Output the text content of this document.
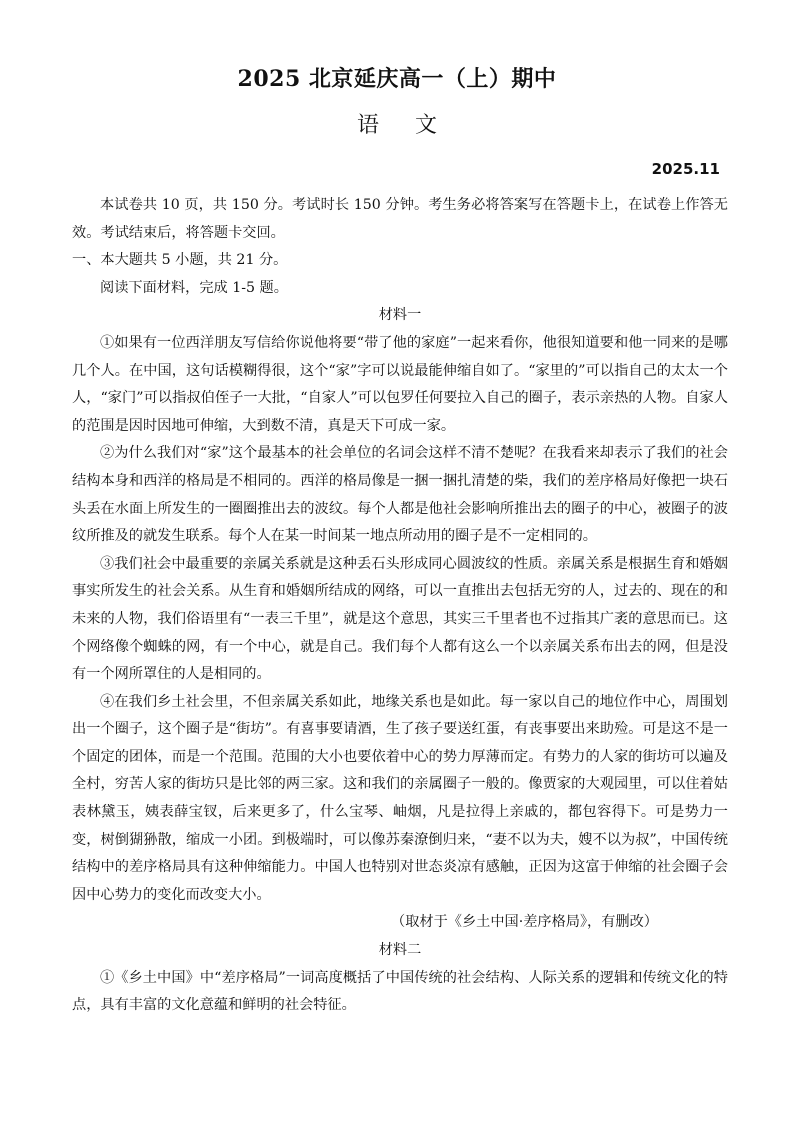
2025 北京延庆高一（上）期中
语 文
2025.11

本试卷共 10 页，共 150 分。考试时长 150 分钟。考生务必将答案写在答题卡上，在试卷上作答无效。考试结束后，将答题卡交回。

一、本大题共 5 小题，共 21 分。

阅读下面材料，完成 1-5 题。

材料一

①如果有一位西洋朋友写信给你说他将要“带了他的家庭”一起来看你，他很知道要和他一同来的是哪几个人。在中国，这句话模糊得很，这个“家”字可以说最能伸缩自如了。“家里的”可以指自己的太太一个人，“家门”可以指叔伯侄子一大批，“自家人”可以包罗任何要拉入自己的圈子，表示亲热的人物。自家人的范围是因时因地可伸缩，大到数不清，真是天下可成一家。

②为什么我们对“家”这个最基本的社会单位的名词会这样不清不楚呢？在我看来却表示了我们的社会结构本身和西洋的格局是不相同的。西洋的格局像是一捆一捆扎清楚的柴，我们的差序格局好像把一块石头丢在水面上所发生的一圈圈推出去的波纹。每个人都是他社会影响所推出去的圈子的中心，被圈子的波纹所推及的就发生联系。每个人在某一时间某一地点所动用的圈子是不一定相同的。

③我们社会中最重要的亲属关系就是这种丢石头形成同心圆波纹的性质。亲属关系是根据生育和婚姻事实所发生的社会关系。从生育和婚姻所结成的网络，可以一直推出去包括无穷的人，过去的、现在的和未来的人物，我们俗语里有“一表三千里”，就是这个意思，其实三千里者也不过指其广袤的意思而已。这个网络像个蜘蛛的网，有一个中心，就是自己。我们每个人都有这么一个以亲属关系布出去的网，但是没有一个网所罩住的人是相同的。

④在我们乡土社会里，不但亲属关系如此，地缘关系也是如此。每一家以自己的地位作中心，周围划出一个圈子，这个圈子是“街坊”。有喜事要请酒，生了孩子要送红蛋，有丧事要出来助殓。可是这不是一个固定的团体，而是一个范围。范围的大小也要依着中心的势力厚薄而定。有势力的人家的街坊可以遍及全村，穷苦人家的街坊只是比邻的两三家。这和我们的亲属圈子一般的。像贾家的大观园里，可以住着姑表林黛玉，姨表薛宝钗，后来更多了，什么宝琴、岫烟，凡是拉得上亲戚的，都包容得下。可是势力一变，树倒猢狲散，缩成一小团。到极端时，可以像苏秦潦倒归来，“妻不以为夫，嫂不以为叔”，中国传统结构中的差序格局具有这种伸缩能力。中国人也特别对世态炎凉有感触，正因为这富于伸缩的社会圈子会因中心势力的变化而改变大小。

（取材于《乡土中国·差序格局》，有删改）

材料二

①《乡土中国》中“差序格局”一词高度概括了中国传统的社会结构、人际关系的逻辑和传统文化的特点，具有丰富的文化意蕴和鲜明的社会特征。
